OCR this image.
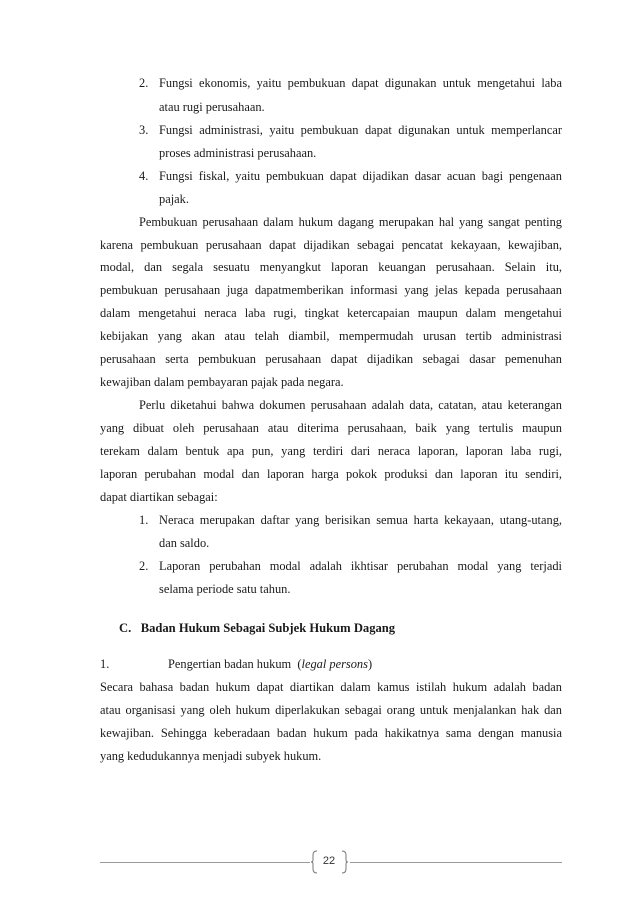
2. Fungsi ekonomis, yaitu pembukuan dapat digunakan untuk mengetahui laba
atau rugi perusahaan.
3. Fungsi administrasi, yaitu pembukuan dapat digunakan untuk memperlancar
proses administrasi perusahaan.
4. Fungsi fiskal, yaitu pembukuan dapat dijadikan dasar acuan bagi pengenaan
pajak.
Pembukuan perusahaan dalam hukum dagang merupakan hal yang sangat penting
karena pembukuan perusahaan dapat dijadikan sebagai pencatat kekayaan, kewajiban,
modal, dan segala sesuatu menyangkut laporan keuangan perusahaan. Selain itu,
pembukuan perusahaan juga dapatmemberikan informasi yang jelas kepada perusahaan
dalam mengetahui neraca laba rugi, tingkat ketercapaian maupun dalam mengetahui
kebijakan yang akan atau telah diambil, mempermudah urusan tertib administrasi
perusahaan serta pembukuan perusahaan dapat dijadikan sebagai dasar pemenuhan
kewajiban dalam pembayaran pajak pada negara.
Perlu diketahui bahwa dokumen perusahaan adalah data, catatan, atau keterangan
yang dibuat oleh perusahaan atau diterima perusahaan, baik yang tertulis maupun
terekam dalam bentuk apa pun, yang terdiri dari neraca laporan, laporan laba rugi,
laporan perubahan modal dan laporan harga pokok produksi dan laporan itu sendiri,
dapat diartikan sebagai:
1. Neraca merupakan daftar yang berisikan semua harta kekayaan, utang-utang,
dan saldo.
2. Laporan perubahan modal adalah ikhtisar perubahan modal yang terjadi
selama periode satu tahun.
C.   Badan Hukum Sebagai Subjek Hukum Dagang
1.	Pengertian badan hukum  (legal persons)
Secara bahasa badan hukum dapat diartikan dalam kamus istilah hukum adalah badan
atau organisasi yang oleh hukum diperlakukan sebagai orang untuk menjalankan hak dan
kewajiban. Sehingga keberadaan badan hukum pada hakikatnya sama dengan manusia
yang kedudukannya menjadi subyek hukum.
22
